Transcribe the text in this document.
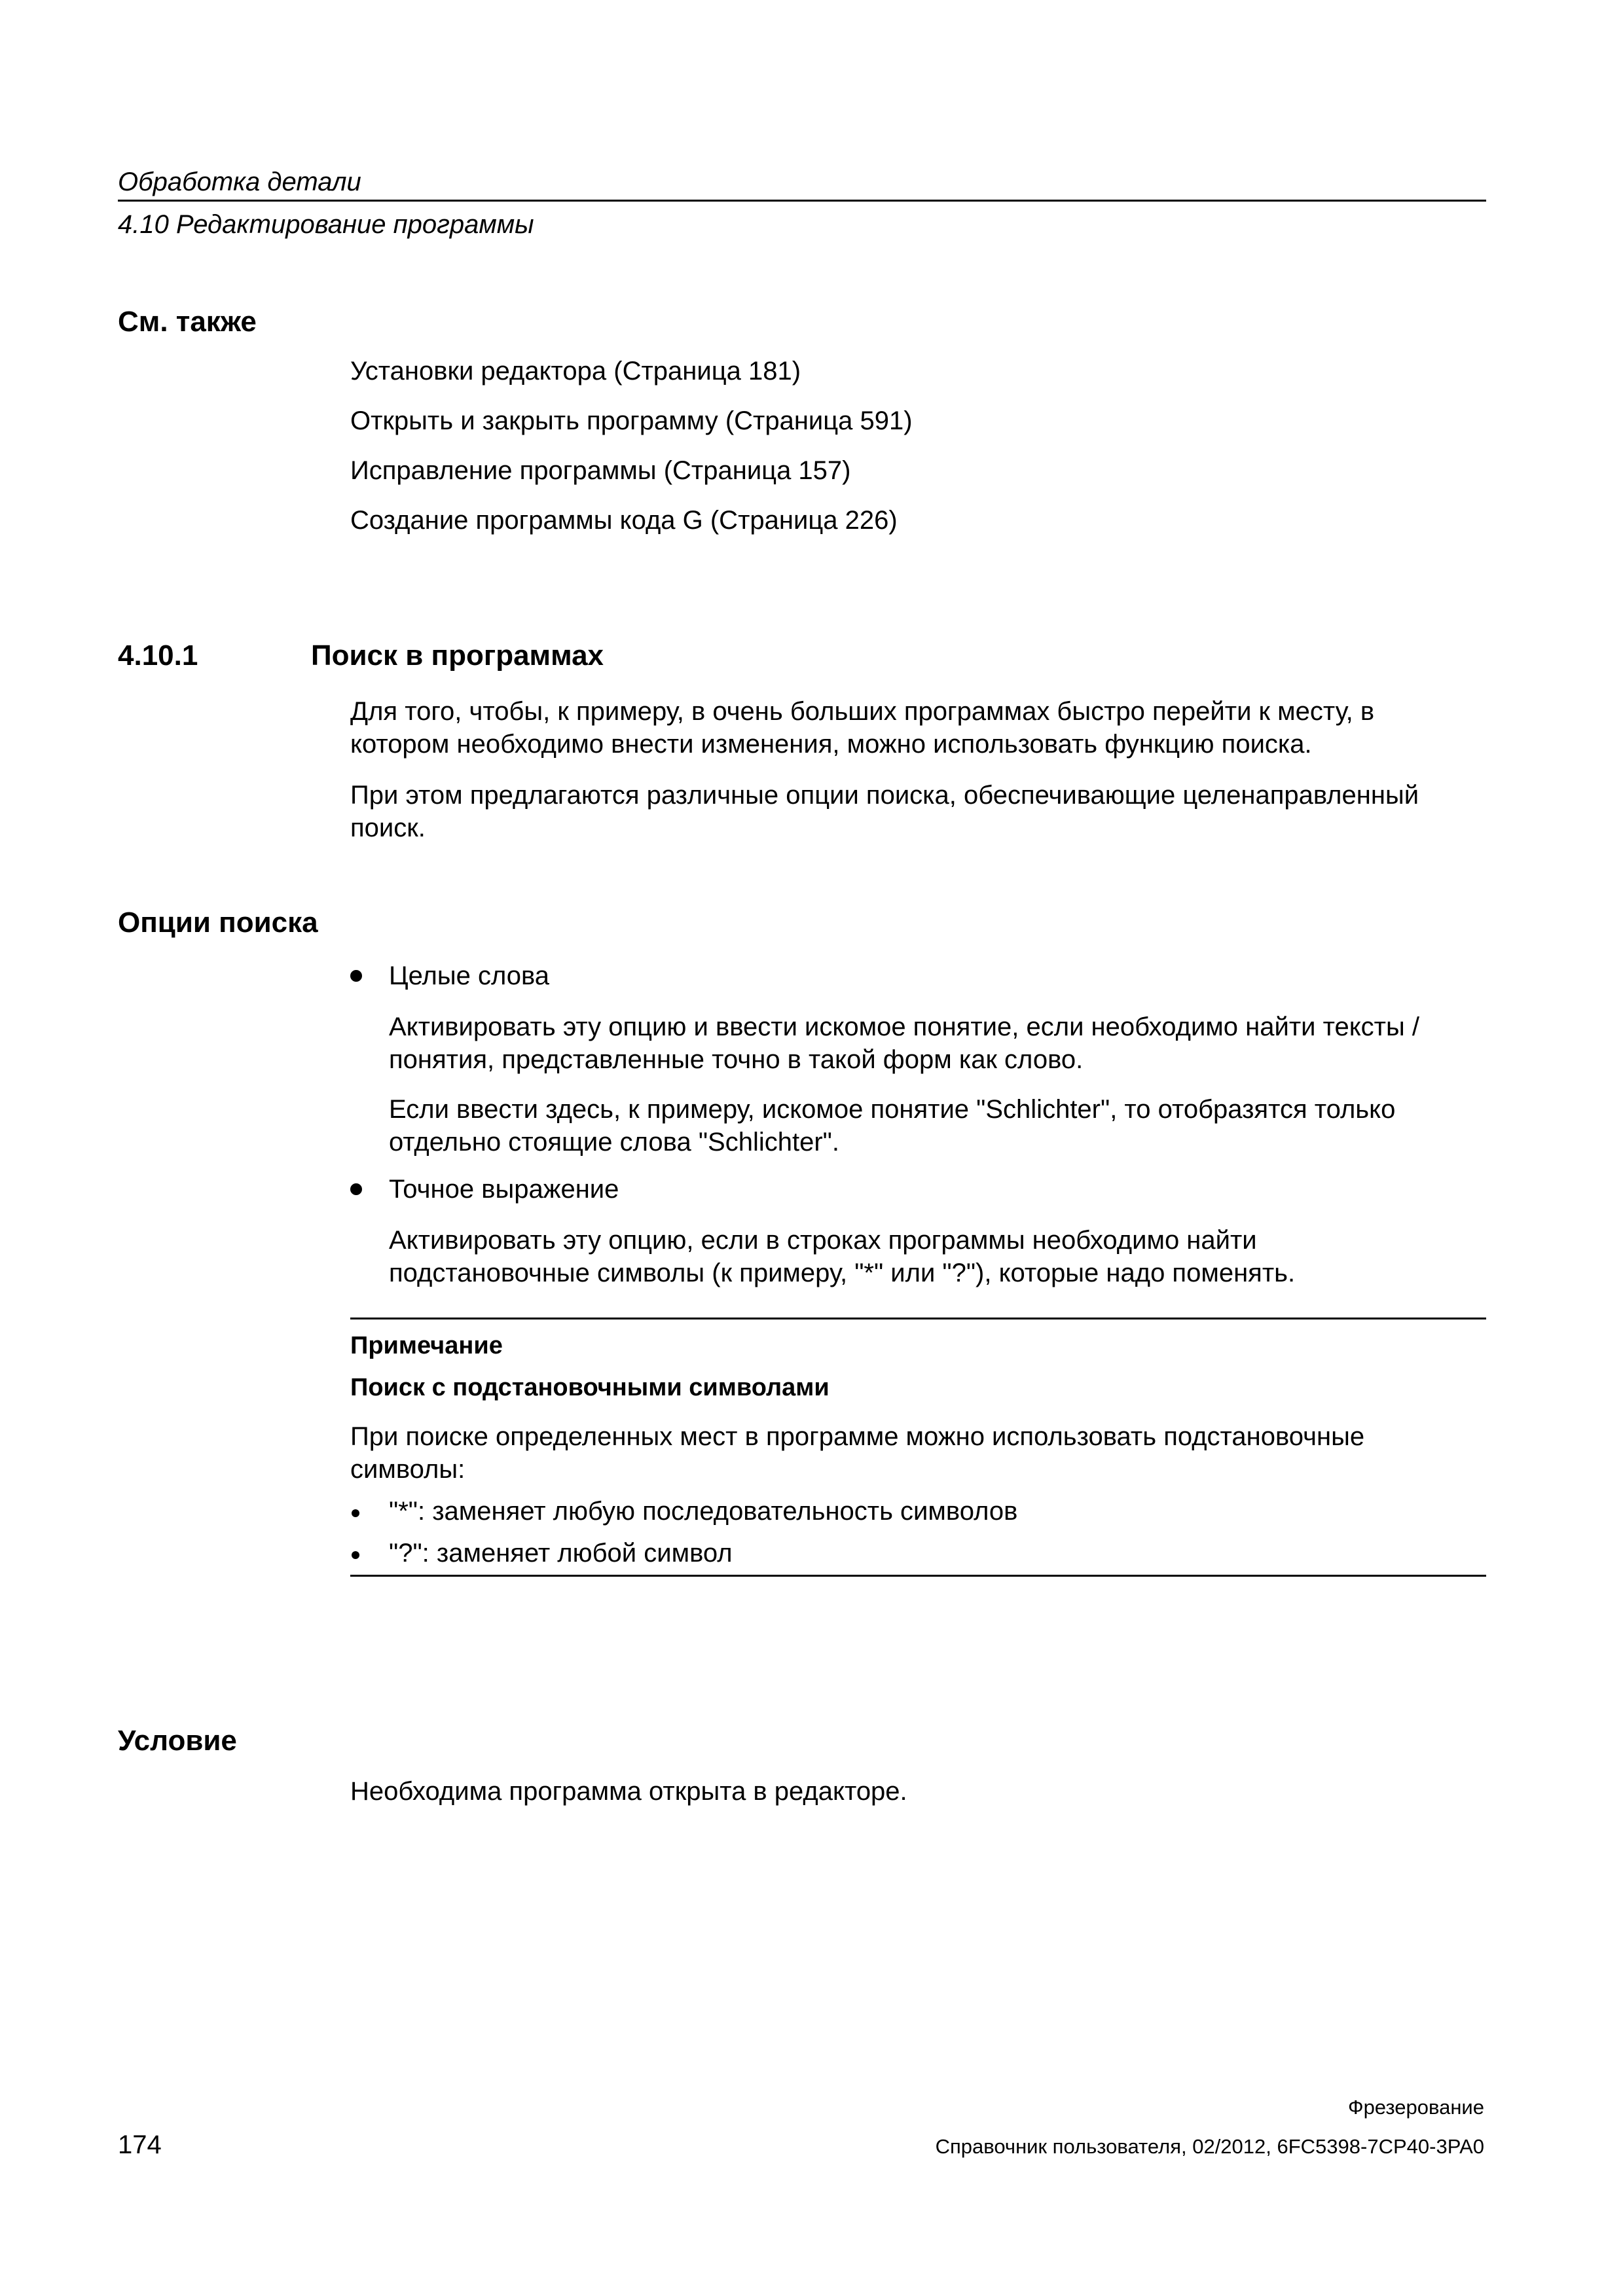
Обработка детали
4.10 Редактирование программы
См. также
Установки редактора (Страница 181)
Открыть и закрыть программу (Страница 591)
Исправление программы (Страница 157)
Создание программы кода G (Страница 226)
4.10.1	Поиск в программах
Для того, чтобы, к примеру, в очень больших программах быстро перейти к месту, в
котором необходимо внести изменения, можно использовать функцию поиска.
При этом предлагаются различные опции поиска, обеспечивающие целенаправленный
поиск.
Опции поиска
Целые слова
Активировать эту опцию и ввести искомое понятие, если необходимо найти тексты /
понятия, представленные точно в такой форм как слово.
Если ввести здесь, к примеру, искомое понятие "Schlichter", то отобразятся только
отдельно стоящие слова "Schlichter".
Точное выражение
Активировать эту опцию, если в строках программы необходимо найти
подстановочные символы (к примеру, "*" или "?"), которые надо поменять.
Примечание
Поиск с подстановочными символами
При поиске определенных мест в программе можно использовать подстановочные
символы:
"*": заменяет любую последовательность символов
"?": заменяет любой символ
Условие
Необходима программа открыта в редакторе.
Фрезерование
174	Справочник пользователя, 02/2012, 6FC5398-7CP40-3PA0
